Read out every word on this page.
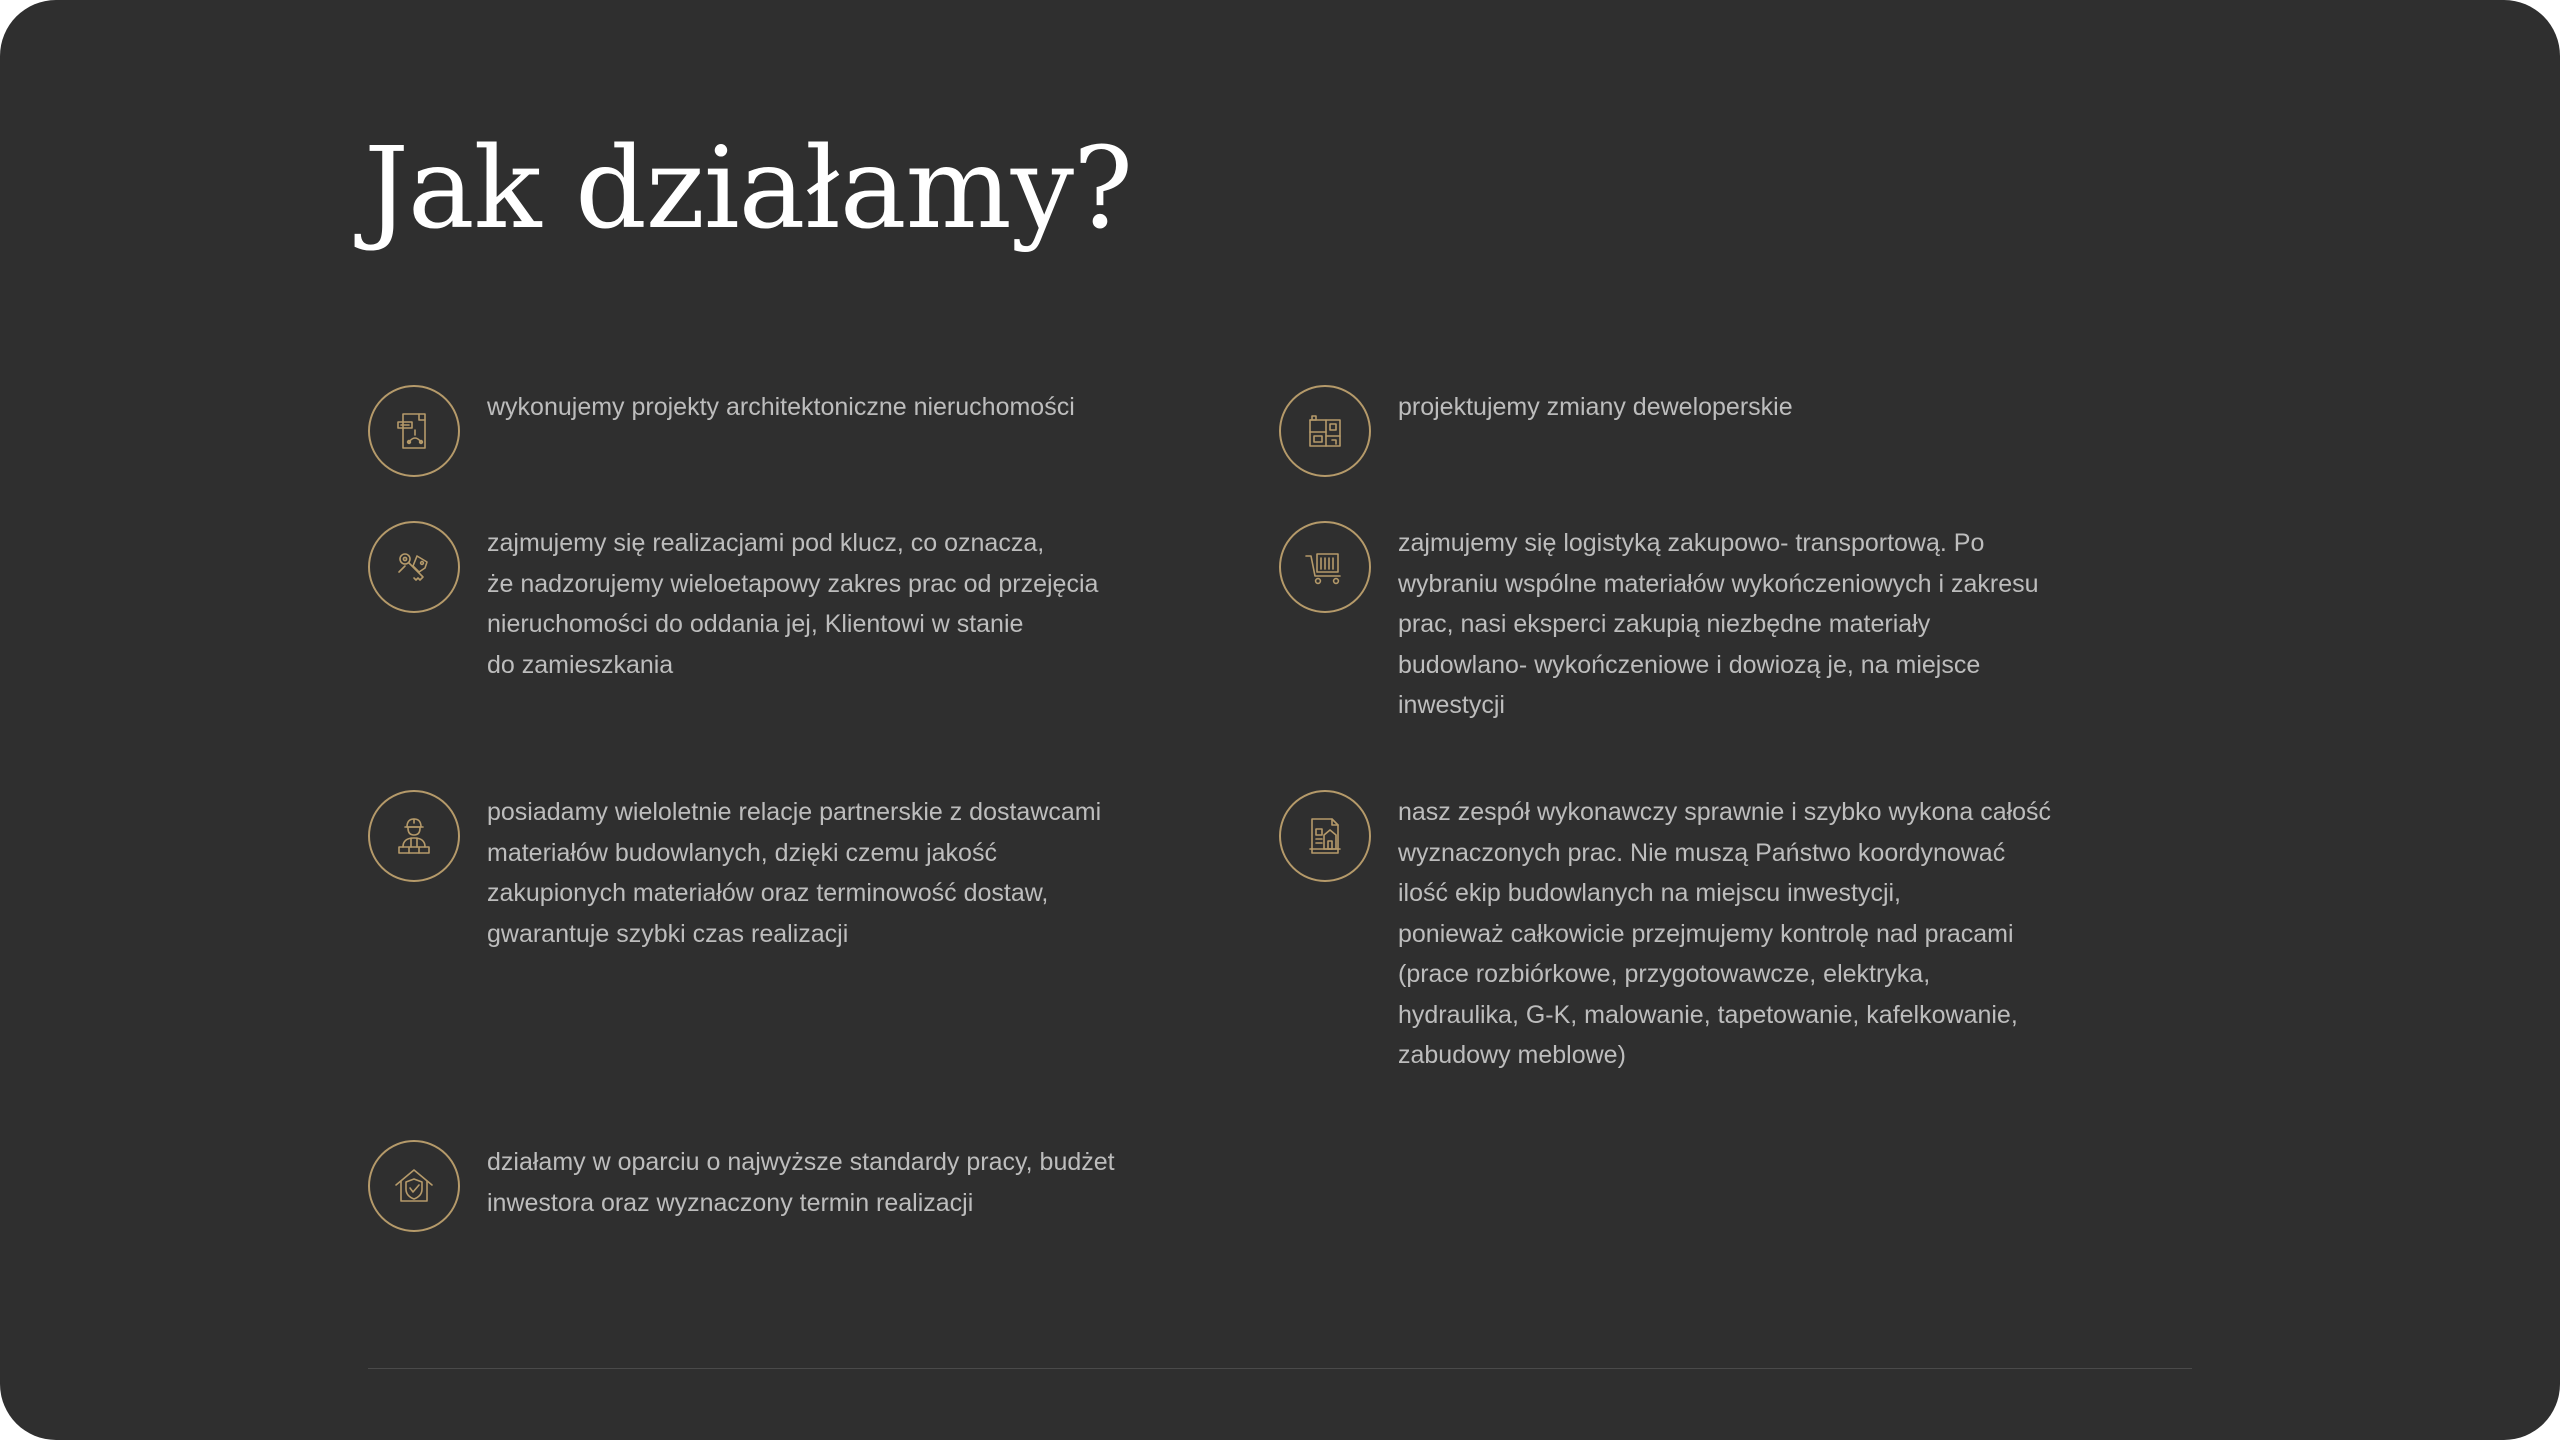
Jak działamy?
wykonujemy projekty architektoniczne nieruchomości	projektujemy zmiany deweloperskie
zajmujemy się realizacjami pod klucz, co oznacza,
że nadzorujemy wieloetapowy zakres prac od przejęcia
nieruchomości do oddania jej, Klientowi w stanie
do zamieszkania
zajmujemy się logistyką zakupowo- transportową. Po
wybraniu wspólne materiałów wykończeniowych i zakresu
prac, nasi eksperci zakupią niezbędne materiały
budowlano- wykończeniowe i dowiozą je, na miejsce
inwestycji
posiadamy wieloletnie relacje partnerskie z dostawcami
materiałów budowlanych, dzięki czemu jakość
zakupionych materiałów oraz terminowość dostaw,
gwarantuje szybki czas realizacji
nasz zespół wykonawczy sprawnie i szybko wykona całość
wyznaczonych prac. Nie muszą Państwo koordynować
ilość ekip budowlanych na miejscu inwestycji,
ponieważ całkowicie przejmujemy kontrolę nad pracami
(prace rozbiórkowe, przygotowawcze, elektryka,
hydraulika, G-K, malowanie, tapetowanie, kafelkowanie,
zabudowy meblowe)
działamy w oparciu o najwyższe standardy pracy, budżet
inwestora oraz wyznaczony termin realizacji
